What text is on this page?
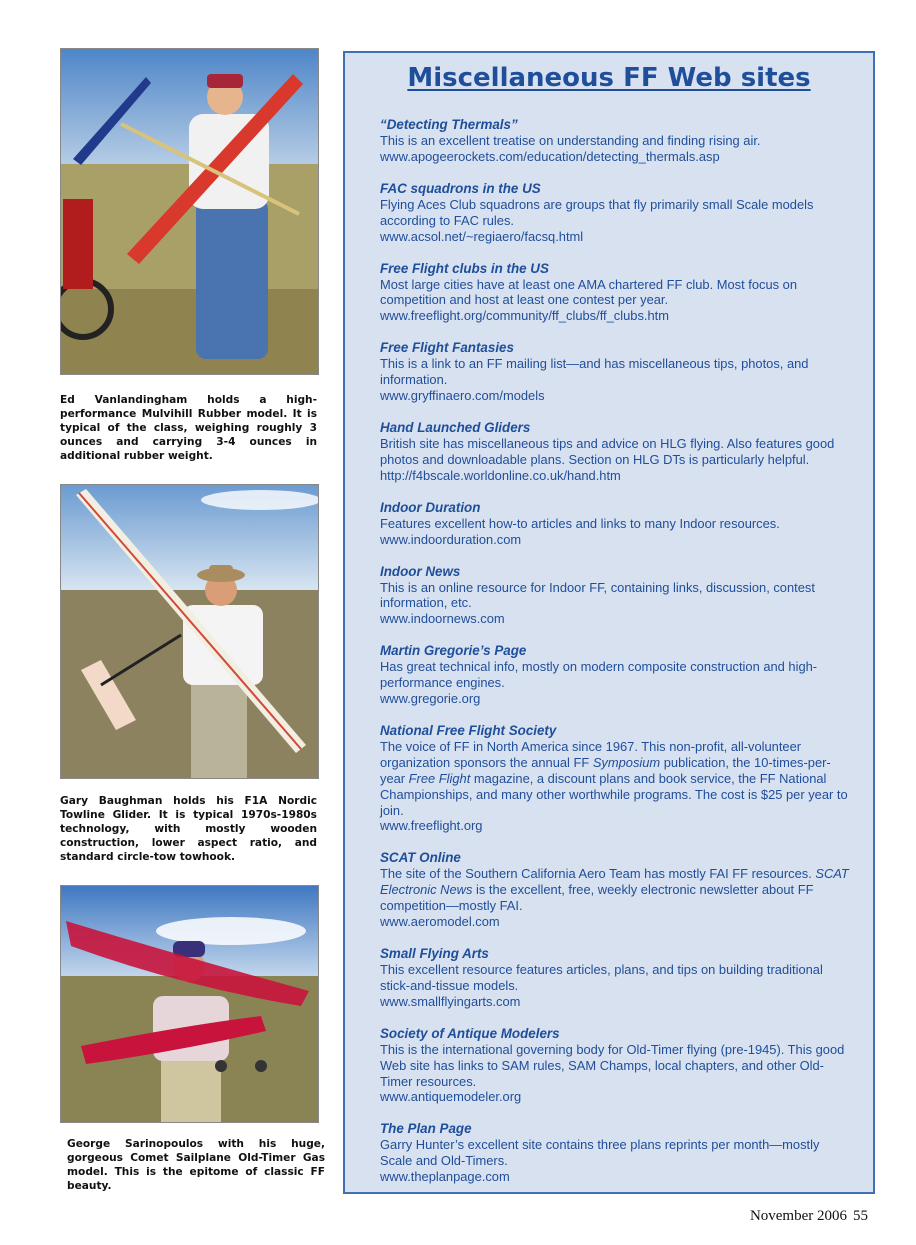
Ed Vanlandingham holds a high-performance Mulvihill Rubber model. It is typical of the class, weighing roughly 3 ounces and carrying 3-4 ounces in additional rubber weight.
Gary Baughman holds his F1A Nordic Towline Glider. It is typical 1970s-1980s technology, with mostly wooden construction, lower aspect ratio, and standard circle-tow towhook.
George Sarinopoulos with his huge, gorgeous Comet Sailplane Old-Timer Gas model. This is the epitome of classic FF beauty.
Miscellaneous FF Web sites
“Detecting Thermals”
This is an excellent treatise on understanding and finding rising air.
www.apogeerockets.com/education/detecting_thermals.asp
FAC squadrons in the US
Flying Aces Club squadrons are groups that fly primarily small Scale models according to FAC rules.
www.acsol.net/~regiaero/facsq.html
Free Flight clubs in the US
Most large cities have at least one AMA chartered FF club. Most focus on competition and host at least one contest per year.
www.freeflight.org/community/ff_clubs/ff_clubs.htm
Free Flight Fantasies
This is a link to an FF mailing list—and has miscellaneous tips, photos, and information.
www.gryffinaero.com/models
Hand Launched Gliders
British site has miscellaneous tips and advice on HLG flying. Also features good photos and downloadable plans. Section on HLG DTs is particularly helpful.
http://f4bscale.worldonline.co.uk/hand.htm
Indoor Duration
Features excellent how-to articles and links to many Indoor resources.
www.indoorduration.com
Indoor News
This is an online resource for Indoor FF, containing links, discussion, contest information, etc.
www.indoornews.com
Martin Gregorie’s Page
Has great technical info, mostly on modern composite construction and high-performance engines.
www.gregorie.org
National Free Flight Society
The voice of FF in North America since 1967. This non-profit, all-volunteer organization sponsors the annual FF Symposium publication, the 10-times-per-year Free Flight magazine, a discount plans and book service, the FF National Championships, and many other worthwhile programs. The cost is $25 per year to join.
www.freeflight.org
SCAT Online
The site of the Southern California Aero Team has mostly FAI FF resources. SCAT Electronic News is the excellent, free, weekly electronic newsletter about FF competition—mostly FAI.
www.aeromodel.com
Small Flying Arts
This excellent resource features articles, plans, and tips on building traditional stick-and-tissue models.
www.smallflyingarts.com
Society of Antique Modelers
This is the international governing body for Old-Timer flying (pre-1945). This good Web site has links to SAM rules, SAM Champs, local chapters, and other Old-Timer resources.
www.antiquemodeler.org
The Plan Page
Garry Hunter’s excellent site contains three plans reprints per month—mostly Scale and Old-Timers.
www.theplanpage.com
November 2006 55
